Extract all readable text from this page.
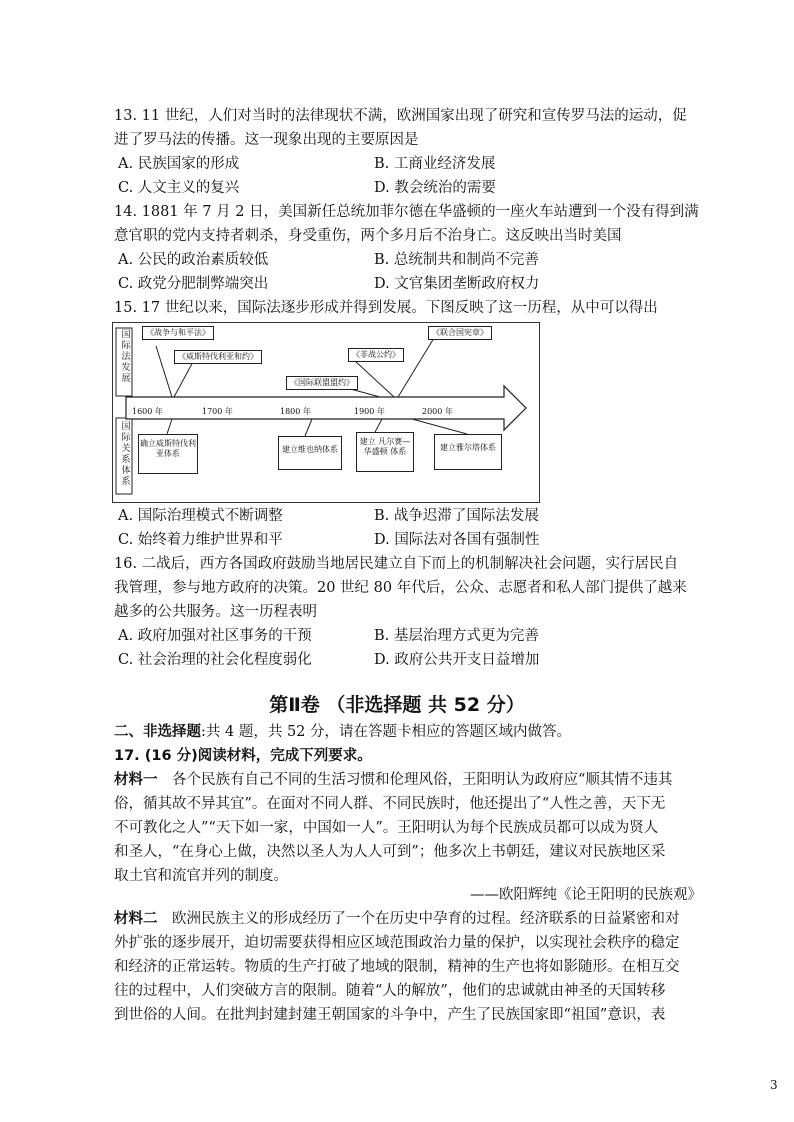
13. 11 世纪，人们对当时的法律现状不满，欧洲国家出现了研究和宣传罗马法的运动，促
进了罗马法的传播。这一现象出现的主要原因是
A. 民族国家的形成	B. 工商业经济发展
C. 人文主义的复兴	D. 教会统治的需要
14. 1881 年 7 月 2 日，美国新任总统加菲尔德在华盛顿的一座火车站遭到一个没有得到满
意官职的党内支持者刺杀，身受重伤，两个多月后不治身亡。这反映出当时美国
A. 公民的政治素质较低	B. 总统制共和制尚不完善
C. 政党分肥制弊端突出	D. 文官集团垄断政府权力
15. 17 世纪以来，国际法逐步形成并得到发展。下图反映了这一历程，从中可以得出
国际法发展
国际关系体系
《战争与和平法》
《威斯特伐利亚和约》
《国际联盟盟约》
《非战公约》
《联合国宪章》
1600 年	1700 年	1800 年	1900 年	2000 年
确立威斯特伐利亚体系	建立维也纳体系
建立 凡尔赛—华盛顿 体系	建立雅尔塔体系
A. 国际治理模式不断调整	B. 战争迟滞了国际法发展
C. 始终着力维护世界和平	D. 国际法对各国有强制性
16. 二战后，西方各国政府鼓励当地居民建立自下而上的机制解决社会问题，实行居民自
我管理，参与地方政府的决策。20 世纪 80 年代后，公众、志愿者和私人部门提供了越来
越多的公共服务。这一历程表明
A. 政府加强对社区事务的干预	B. 基层治理方式更为完善
C. 社会治理的社会化程度弱化	D. 政府公共开支日益增加
第Ⅱ卷 （非选择题 共 52 分）
二、非选择题:共 4 题，共 52 分，请在答题卡相应的答题区域内做答。
17. (16 分)阅读材料，完成下列要求。
材料一　各个民族有自己不同的生活习惯和伦理风俗，王阳明认为政府应“顺其情不违其
俗，循其故不异其宜”。在面对不同人群、不同民族时，他还提出了“人性之善，天下无
不可教化之人”“天下如一家，中国如一人”。王阳明认为每个民族成员都可以成为贤人
和圣人，“在身心上做，决然以圣人为人人可到”；他多次上书朝廷，建议对民族地区采
取土官和流官并列的制度。
——欧阳辉纯《论王阳明的民族观》
材料二　欧洲民族主义的形成经历了一个在历史中孕育的过程。经济联系的日益紧密和对
外扩张的逐步展开，迫切需要获得相应区域范围政治力量的保护，以实现社会秩序的稳定
和经济的正常运转。物质的生产打破了地域的限制，精神的生产也将如影随形。在相互交
往的过程中，人们突破方言的限制。随着“人的解放”，他们的忠诚就由神圣的天国转移
到世俗的人间。在批判封建封建王朝国家的斗争中，产生了民族国家即“祖国”意识，表
3
